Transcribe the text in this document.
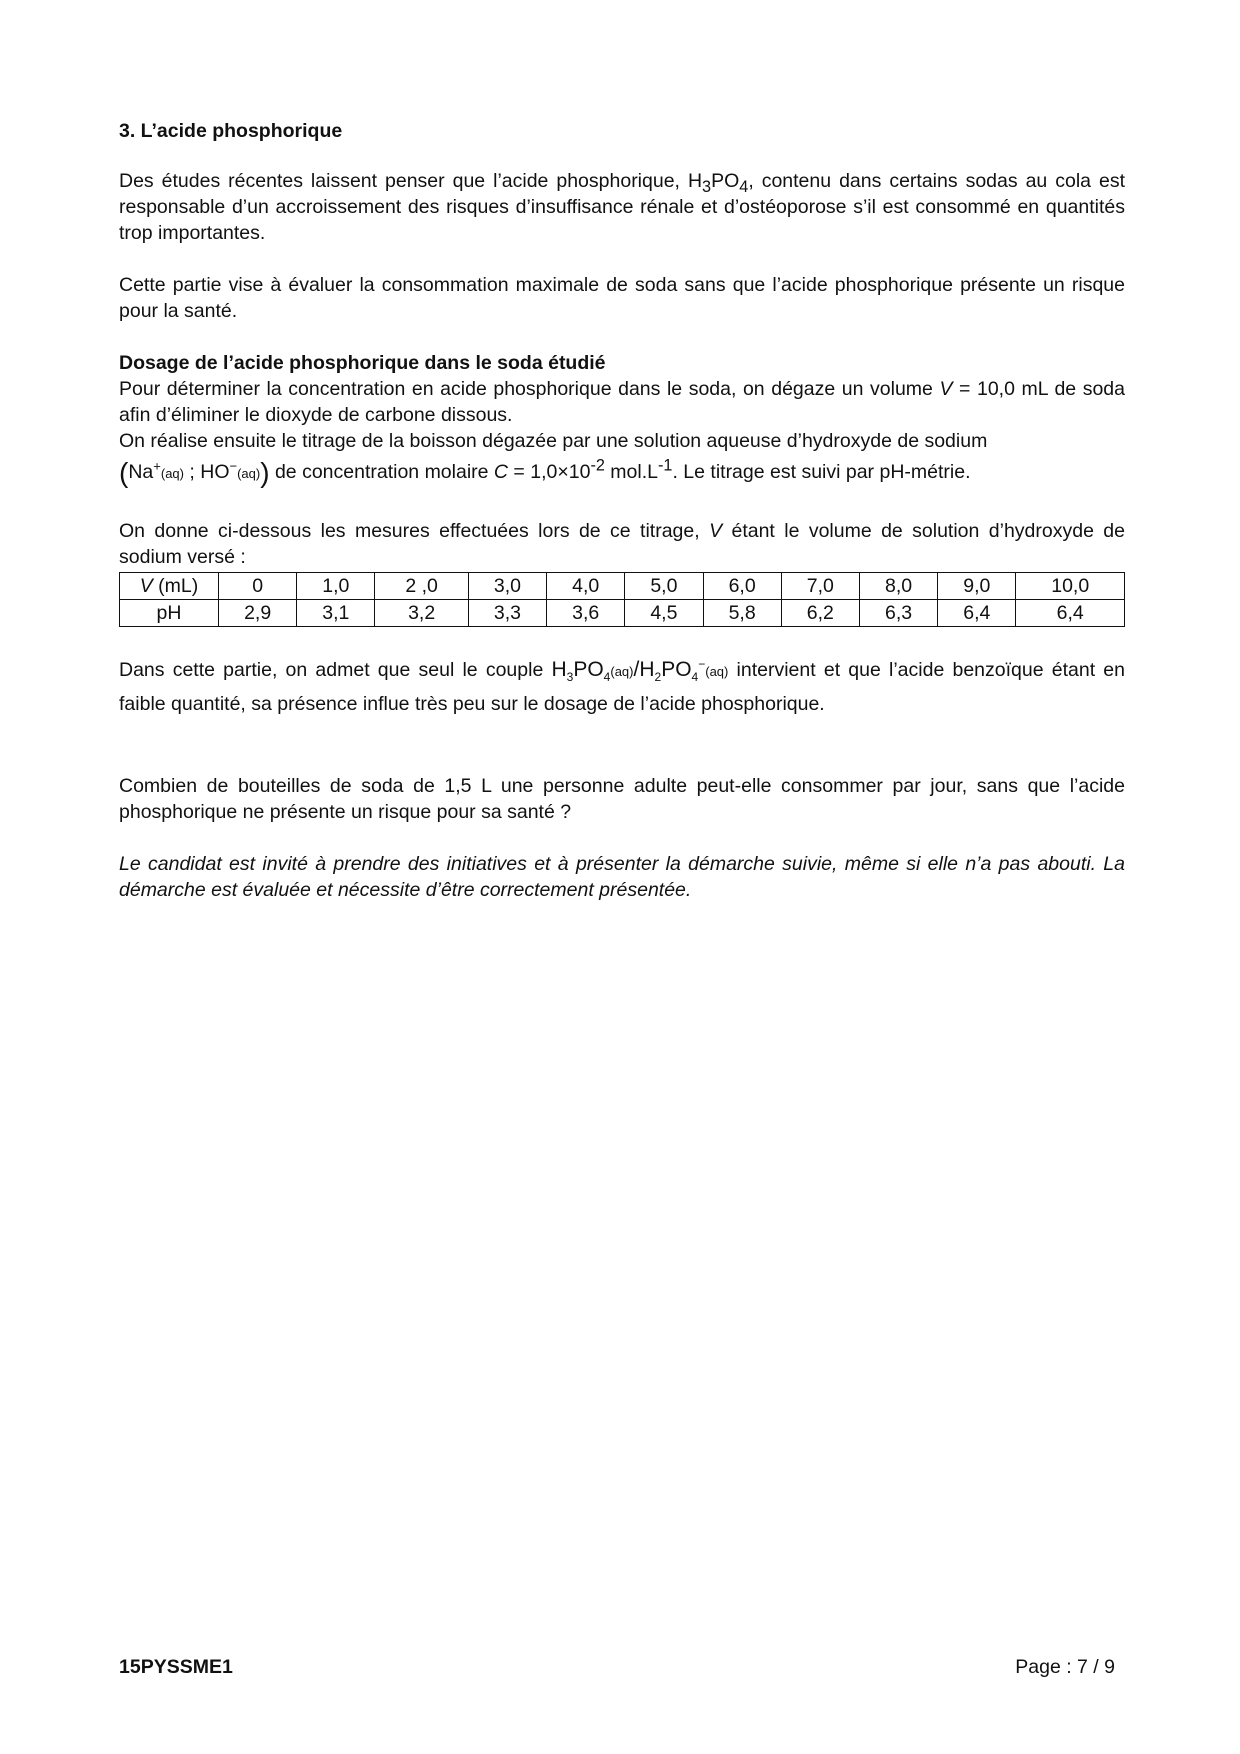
3. L’acide phosphorique

Des études récentes laissent penser que l’acide phosphorique, $H_3PO_4$, contenu dans certains sodas au cola est responsable d’un accroissement des risques d’insuffisance rénale et d’ostéoporose s’il est consommé en quantités trop importantes.

Cette partie vise à évaluer la consommation maximale de soda sans que l’acide phosphorique présente un risque pour la santé.

Dosage de l’acide phosphorique dans le soda étudié

Pour déterminer la concentration en acide phosphorique dans le soda, on dégaze un volume V = 10,0 mL de soda afin d’éliminer le dioxyde de carbone dissous.

On réalise ensuite le titrage de la boisson dégazée par une solution aqueuse d’hydroxyde de sodium

(Na+(aq) ; HO−(aq)) de concentration molaire $C = 1,0\times 10^{-2}$ $mol.L^{-1}$. Le titrage est suivi par pH-métrie.

On donne ci-dessous les mesures effectuées lors de ce titrage, V étant le volume de solution d’hydroxyde de sodium versé :

V (mL)	0	1,0	2 ,0	3,0	4,0	5,0	6,0	7,0	8,0	9,0	10,0
pH	2,9	3,1	3,2	3,3	3,6	4,5	5,8	6,2	6,3	6,4	6,4

Dans cette partie, on admet que seul le couple $H_3PO_4(aq)/H_2PO_4^-(aq)$ intervient et que l’acide benzoïque étant en faible quantité, sa présence influe très peu sur le dosage de l’acide phosphorique.

Combien de bouteilles de soda de 1,5 L une personne adulte peut-elle consommer par jour, sans que l’acide phosphorique ne présente un risque pour sa santé ?

Le candidat est invité à prendre des initiatives et à présenter la démarche suivie, même si elle n’a pas abouti. La démarche est évaluée et nécessite d’être correctement présentée.

15PYSSME1	Page : 7 / 9
